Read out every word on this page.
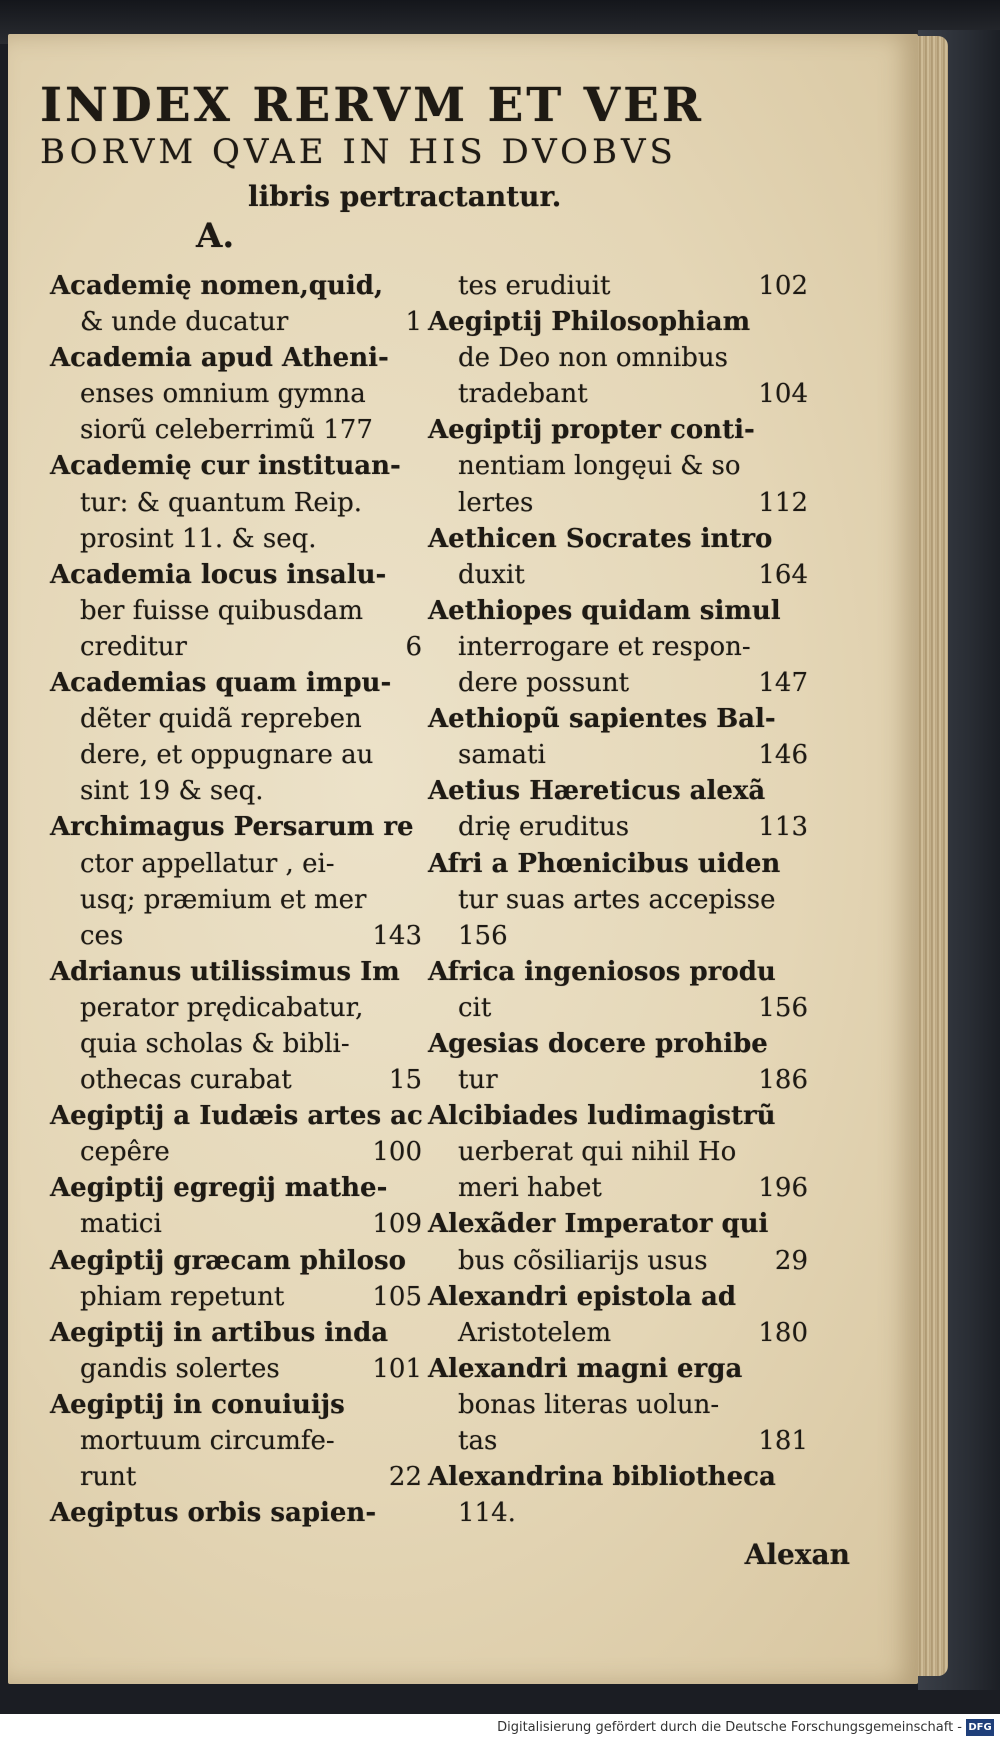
INDEX RERVM ET VER
BORVM QVAE IN HIS DVOBVS
libris pertractantur.
A.
Academię nomen,quid,
& unde ducatur	1
Academia apud Atheni-
enses omnium gymna
siorũ celeberrimũ 177
Academię cur instituan-
tur: & quantum Reip.
prosint 11. & seq.
Academia locus insalu-
ber fuisse quibusdam
creditur	6
Academias quam impu-
dẽter quidã repreben
dere, et oppugnare au
sint 19 & seq.
Archimagus Persarum re
ctor appellatur , ei-
usq; præmium et mer
ces	143
Adrianus utilissimus Im
perator prędicabatur,
quia scholas & bibli-
othecas curabat	15
Aegiptij a Iudæis artes ac
cepêre	100
Aegiptij egregij mathe-
matici	109
Aegiptij græcam philoso
phiam repetunt	105
Aegiptij in artibus inda
gandis solertes	101
Aegiptij in conuiuijs
mortuum circumfe-
runt	22
Aegiptus orbis sapien-
tes erudiuit	102
Aegiptij Philosophiam
de Deo non omnibus
tradebant	104
Aegiptij propter conti-
nentiam longęui & so
lertes	112
Aethicen Socrates intro
duxit	164
Aethiopes quidam simul
interrogare et respon-
dere possunt	147
Aethiopũ sapientes Bal-
samati	146
Aetius Hæreticus alexã
drię eruditus	113
Afri a Phœnicibus uiden
tur suas artes accepisse
156
Africa ingeniosos produ
cit	156
Agesias docere prohibe
tur	186
Alcibiades ludimagistrũ
uerberat qui nihil Ho
meri habet	196
Alexãder Imperator qui
bus cõsiliarijs usus	29
Alexandri epistola ad
Aristotelem	180
Alexandri magni erga
bonas literas uolun-
tas	181
Alexandrina bibliotheca
114.
Alexan
Digitalisierung gefördert durch die Deutsche Forschungsgemeinschaft - DFG
